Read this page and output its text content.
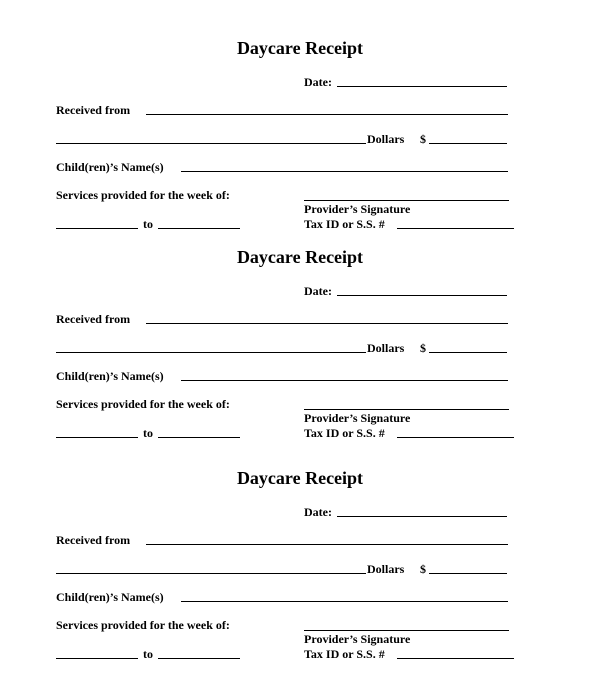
Daycare Receipt
Date:
Received from
Dollars $
Child(ren)’s Name(s)
Services provided for the week of:
Provider’s Signature
to	Tax ID or S.S. #
Daycare Receipt
Date:
Received from
Dollars $
Child(ren)’s Name(s)
Services provided for the week of:
Provider’s Signature
to	Tax ID or S.S. #
Daycare Receipt
Date:
Received from
Dollars $
Child(ren)’s Name(s)
Services provided for the week of:
Provider’s Signature
to	Tax ID or S.S. #
